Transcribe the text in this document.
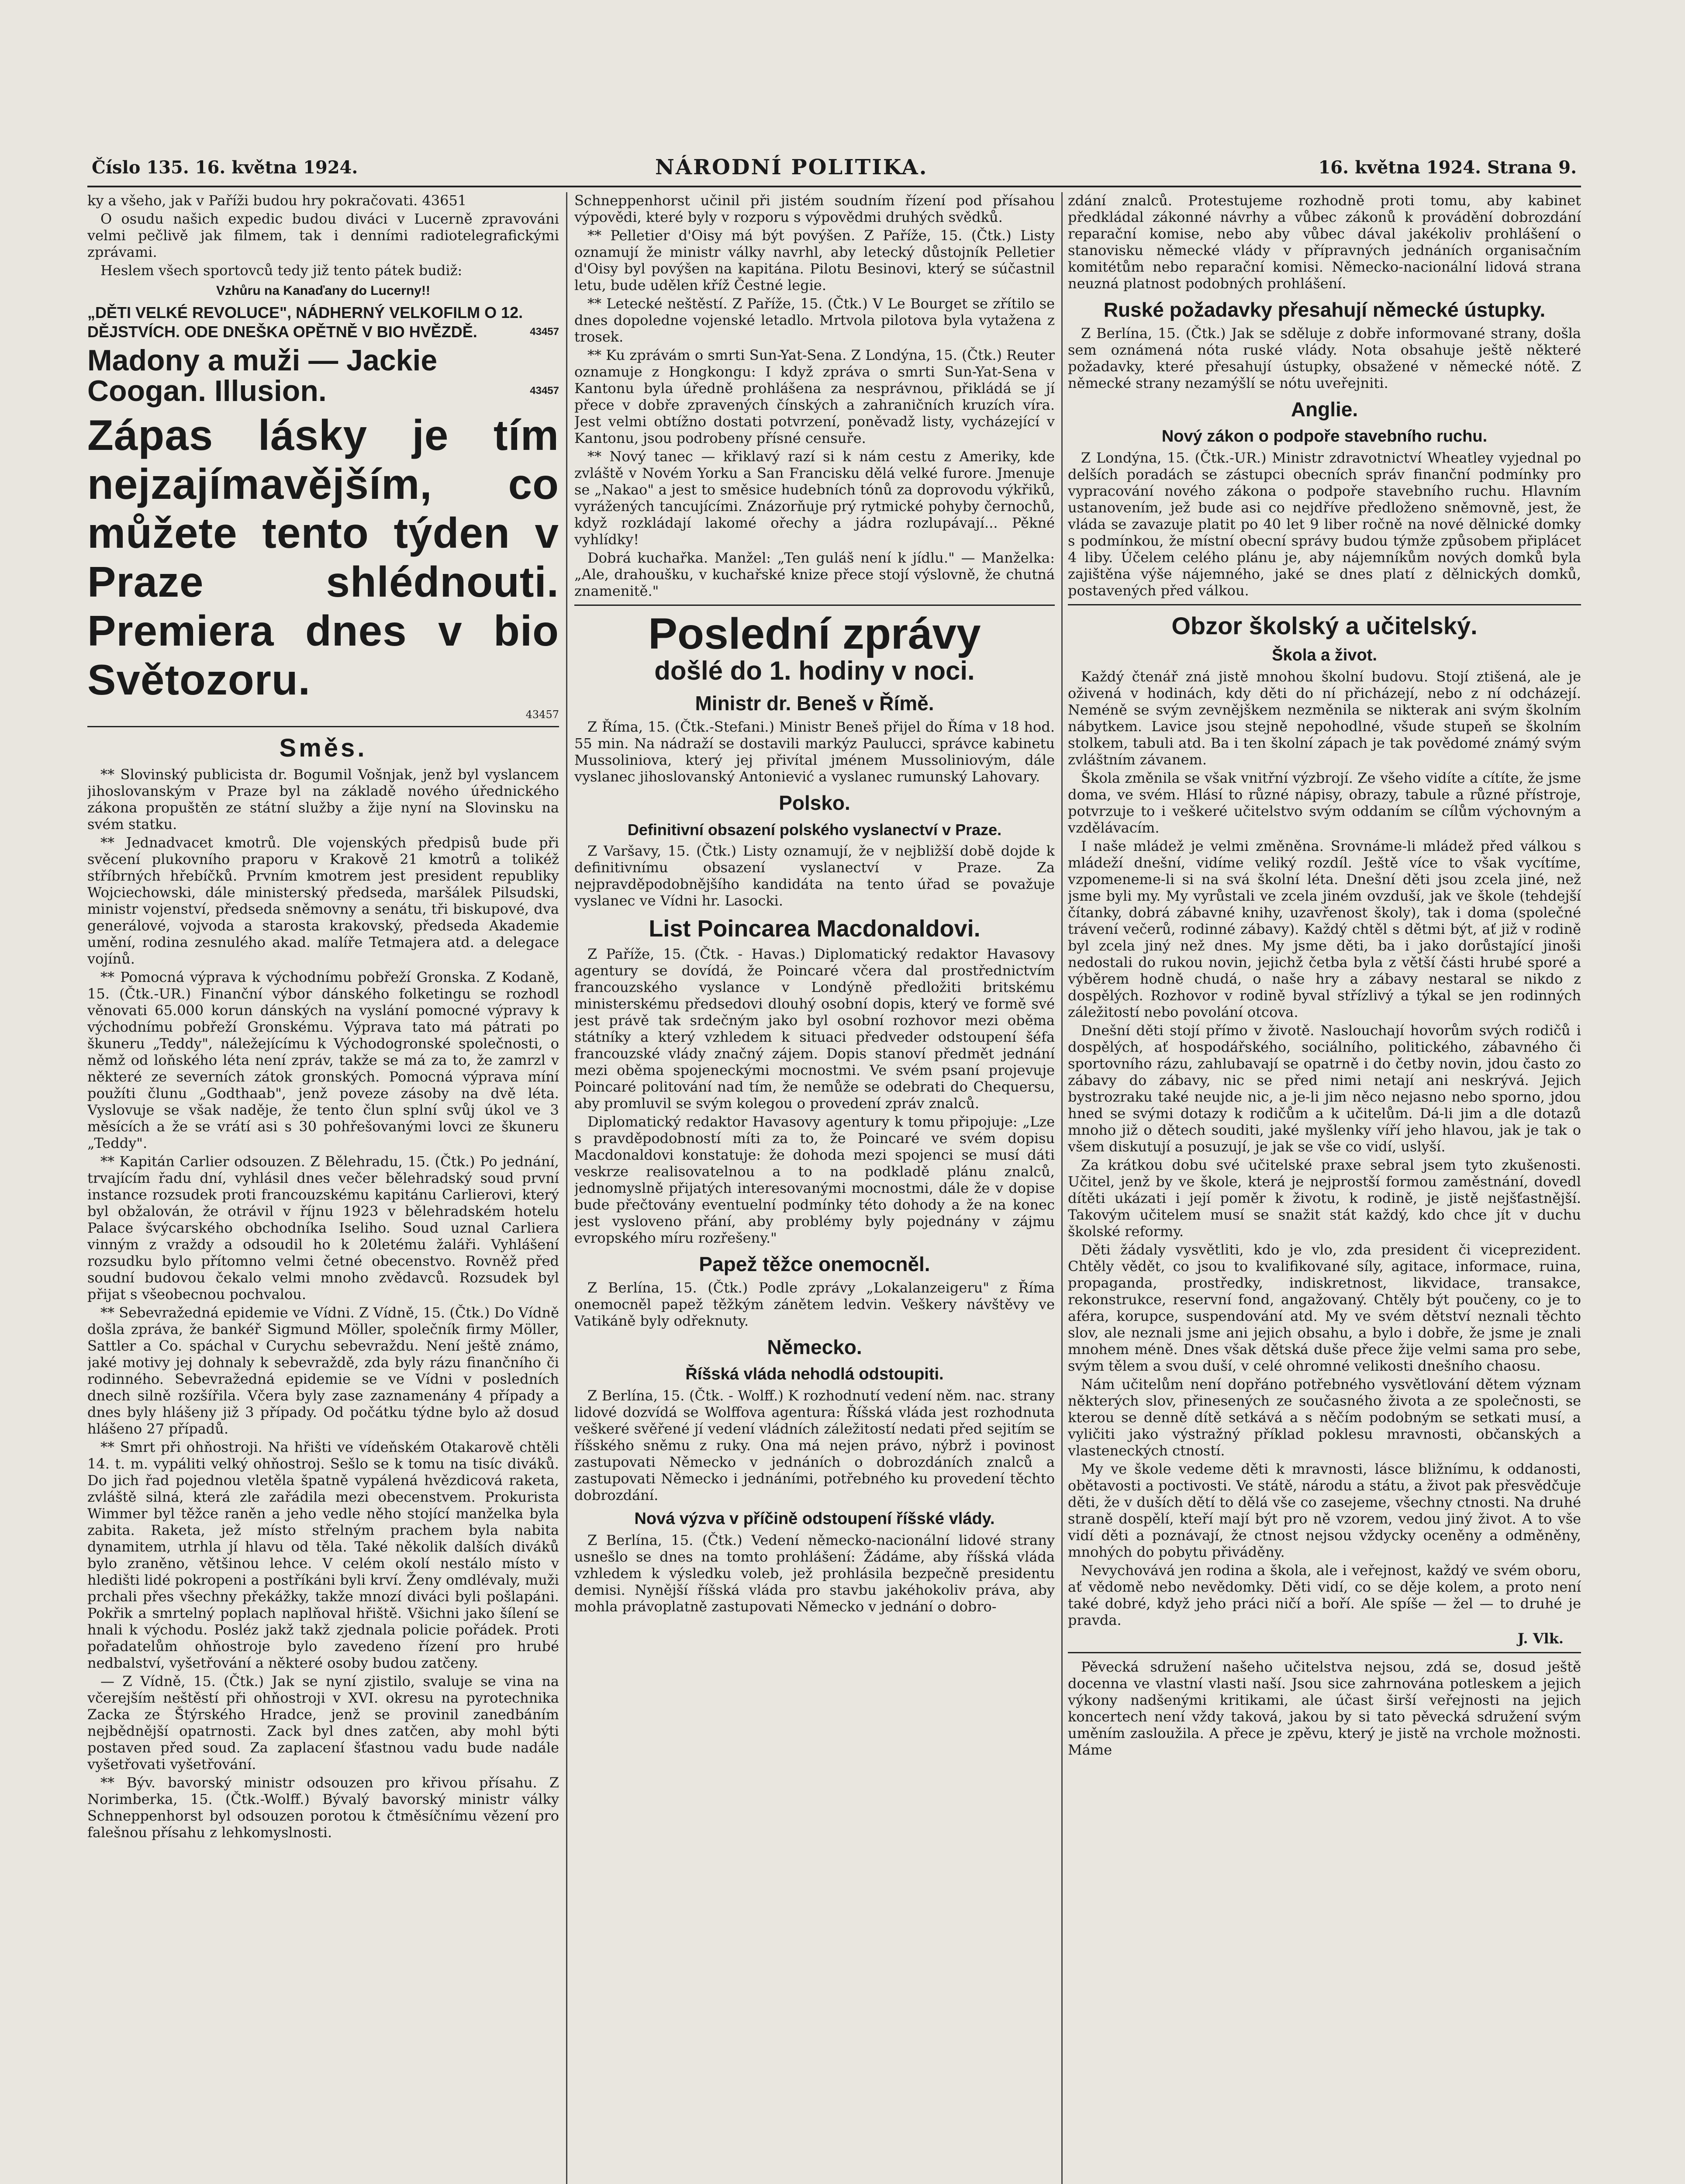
Číslo 135. 16. května 1924.	NÁRODNÍ POLITIKA.	16. května 1924. Strana 9.

ky a všeho, jak v Paříži budou hry pokračovati. 43651

O osudu našich expedic budou diváci v Lucerně zpravováni velmi pečlivě jak filmem, tak i denními radiotelegrafickými zprávami.

Heslem všech sportovců tedy již tento pátek budiž:

Vzhůru na Kanaďany do Lucerny!!
„DĚTI VELKÉ REVOLUCE", NÁDHERNÝ VELKOFILM O 12. DĚJSTVÍCH. ODE DNEŠKA OPĚTNĚ V BIO HVĚZDĚ.	43457
Madony a muži — Jackie Coogan. Illusion.	43457
Zápas lásky je tím nejzajímavějším, co můžete tento týden v Praze shlédnouti. Premiera dnes v bio Světozoru.
43457
Směs.

** Slovinský publicista dr. Bogumil Vošnjak, jenž byl vyslancem jihoslovanským v Praze byl na základě nového úřednického zákona propuštěn ze státní služby a žije nyní na Slovinsku na svém statku.

** Jednadvacet kmotrů. Dle vojenských předpisů bude při svěcení plukovního praporu v Krakově 21 kmotrů a tolikéž stříbrných hřebíčků. Prvním kmotrem jest president republiky Wojciechowski, dále ministerský předseda, maršálek Pilsudski, ministr vojenství, předseda sněmovny a senátu, tři biskupové, dva generálové, vojvoda a starosta krakovský, předseda Akademie umění, rodina zesnulého akad. malíře Tetmajera atd. a delegace vojínů.

** Pomocná výprava k východnímu pobřeží Gronska. Z Kodaně, 15. (Čtk.-UR.) Finanční výbor dánského folketingu se rozhodl věnovati 65.000 korun dánských na vyslání pomocné výpravy k východnímu pobřeží Gronskému. Výprava tato má pátrati po škuneru „Teddy", náležejícímu k Východogronské společnosti, o němž od loňského léta není zpráv, takže se má za to, že zamrzl v některé ze severních zátok gronských. Pomocná výprava míní použíti člunu „Godthaab", jenž poveze zásoby na dvě léta. Vyslovuje se však naděje, že tento člun splní svůj úkol ve 3 měsících a že se vrátí asi s 30 pohřešovanými lovci ze škuneru „Teddy".

** Kapitán Carlier odsouzen. Z Bělehradu, 15. (Čtk.) Po jednání, trvajícím řadu dní, vyhlásil dnes večer bělehradský soud první instance rozsudek proti francouzskému kapitánu Carlierovi, který byl obžalován, že otrávil v říjnu 1923 v bělehradském hotelu Palace švýcarského obchodníka Iseliho. Soud uznal Carliera vinným z vraždy a odsoudil ho k 20letému žaláři. Vyhlášení rozsudku bylo přítomno velmi četné obecenstvo. Rovněž před soudní budovou čekalo velmi mnoho zvědavců. Rozsudek byl přijat s všeobecnou pochvalou.

** Sebevražedná epidemie ve Vídni. Z Vídně, 15. (Čtk.) Do Vídně došla zpráva, že bankéř Sigmund Möller, společník firmy Möller, Sattler a Co. spáchal v Curychu sebevraždu. Není ještě známo, jaké motivy jej dohnaly k sebevraždě, zda byly rázu finančního či rodinného. Sebevražedná epidemie se ve Vídni v posledních dnech silně rozšířila. Včera byly zase zaznamenány 4 případy a dnes byly hlášeny již 3 případy. Od počátku týdne bylo až dosud hlášeno 27 případů.

** Smrt při ohňostroji. Na hřišti ve vídeňském Otakarově chtěli 14. t. m. vypáliti velký ohňostroj. Sešlo se k tomu na tisíc diváků. Do jich řad pojednou vletěla špatně vypálená hvězdicová raketa, zvláště silná, která zle zařádila mezi obecenstvem. Prokurista Wimmer byl těžce raněn a jeho vedle něho stojící manželka byla zabita. Raketa, jež místo střelným prachem byla nabita dynamitem, utrhla jí hlavu od těla. Také několik dalších diváků bylo zraněno, většinou lehce. V celém okolí nestálo místo v hledišti lidé pokropeni a postříkáni byli krví. Ženy omdlévaly, muži prchali přes všechny překážky, takže mnozí diváci byli pošlapáni. Pokřik a smrtelný poplach naplňoval hřiště. Všichni jako šílení se hnali k východu. Posléz jakž takž zjednala policie pořádek. Proti pořadatelům ohňostroje bylo zavedeno řízení pro hrubé nedbalství, vyšetřování a některé osoby budou zatčeny.

— Z Vídně, 15. (Čtk.) Jak se nyní zjistilo, svaluje se vina na včerejším neštěstí při ohňostroji v XVI. okresu na pyrotechnika Zacka ze Štýrského Hradce, jenž se provinil zanedbáním nejbědnější opatrnosti. Zack byl dnes zatčen, aby mohl býti postaven před soud. Za zaplacení šťastnou vadu bude nadále vyšetřovati vyšetřování.

** Býv. bavorský ministr odsouzen pro křivou přísahu. Z Norimberka, 15. (Čtk.-Wolff.) Bývalý bavorský ministr války Schneppenhorst byl odsouzen porotou k čtměsíčnímu vězení pro falešnou přísahu z lehkomyslnosti.

Schneppenhorst učinil při jistém soudním řízení pod přísahou výpovědi, které byly v rozporu s výpovědmi druhých svědků.

** Pelletier d'Oisy má být povýšen. Z Paříže, 15. (Čtk.) Listy oznamují že ministr války navrhl, aby letecký důstojník Pelletier d'Oisy byl povýšen na kapitána. Pilotu Besinovi, který se súčastnil letu, bude udělen kříž Čestné legie.

** Letecké neštěstí. Z Paříže, 15. (Čtk.) V Le Bourget se zřítilo se dnes dopoledne vojenské letadlo. Mrtvola pilotova byla vytažena z trosek.

** Ku zprávám o smrti Sun-Yat-Sena. Z Londýna, 15. (Čtk.) Reuter oznamuje z Hongkongu: I když zpráva o smrti Sun-Yat-Sena v Kantonu byla úředně prohlášena za nesprávnou, přikládá se jí přece v dobře zpravených čínských a zahraničních kruzích víra. Jest velmi obtížno dostati potvrzení, poněvadž listy, vycházející v Kantonu, jsou podrobeny přísné censuře.

** Nový tanec — křiklavý razí si k nám cestu z Ameriky, kde zvláště v Novém Yorku a San Francisku dělá velké furore. Jmenuje se „Nakao" a jest to směsice hudebních tónů za doprovodu výkřiků, vyrážených tancujícími. Znázorňuje prý rytmické pohyby černochů, když rozkládají lakomé ořechy a jádra rozlupávají... Pěkné vyhlídky!

Dobrá kuchařka. Manžel: „Ten guláš není k jídlu." — Manželka: „Ale, drahoušku, v kuchařské knize přece stojí výslovně, že chutná znamenitě."

Poslední zprávy
došlé do 1. hodiny v noci.
Ministr dr. Beneš v Římě.

Z Říma, 15. (Čtk.-Stefani.) Ministr Beneš přijel do Říma v 18 hod. 55 min. Na nádraží se dostavili markýz Paulucci, správce kabinetu Mussoliniova, který jej přivítal jménem Mussoliniovým, dále vyslanec jihoslovanský Antoniević a vyslanec rumunský Lahovary.

Polsko.
Definitivní obsazení polského vyslanectví v Praze.

Z Varšavy, 15. (Čtk.) Listy oznamují, že v nejbližší době dojde k definitivnímu obsazení vyslanectví v Praze. Za nejpravděpodobnějšího kandidáta na tento úřad se považuje vyslanec ve Vídni hr. Lasocki.

List Poincarea Macdonaldovi.

Z Paříže, 15. (Čtk. - Havas.) Diplomatický redaktor Havasovy agentury se dovídá, že Poincaré včera dal prostřednictvím francouzského vyslance v Londýně předložiti britskému ministerskému předsedovi dlouhý osobní dopis, který ve formě své jest právě tak srdečným jako byl osobní rozhovor mezi oběma státníky a který vzhledem k situaci předveder odstoupení šéfa francouzské vlády značný zájem. Dopis stanoví předmět jednání mezi oběma spojeneckými mocnostmi. Ve svém psaní projevuje Poincaré politování nad tím, že nemůže se odebrati do Chequersu, aby promluvil se svým kolegou o provedení zpráv znalců.

Diplomatický redaktor Havasovy agentury k tomu připojuje: „Lze s pravděpodobností míti za to, že Poincaré ve svém dopisu Macdonaldovi konstatuje: že dohoda mezi spojenci se musí dáti veskrze realisovatelnou a to na podkladě plánu znalců, jednomyslně přijatých interesovanými mocnostmi, dále že v dopise bude přečtovány eventuelní podmínky této dohody a že na konec jest vysloveno přání, aby problémy byly pojednány v zájmu evropského míru rozřešeny."

Papež těžce onemocněl.

Z Berlína, 15. (Čtk.) Podle zprávy „Lokalanzeigeru" z Říma onemocněl papež těžkým zánětem ledvin. Veškery návštěvy ve Vatikáně byly odřeknuty.

Německo.
Říšská vláda nehodlá odstoupiti.

Z Berlína, 15. (Čtk. - Wolff.) K rozhodnutí vedení něm. nac. strany lidové dozvídá se Wolffova agentura: Říšská vláda jest rozhodnuta veškeré svěřené jí vedení vládních záležitostí nedati před sejitím se říšského sněmu z ruky. Ona má nejen právo, nýbrž i povinost zastupovati Německo v jednáních o dobrozdáních znalců a zastupovati Německo i jednáními, potřebného ku provedení těchto dobrozdání.

Nová výzva v příčině odstoupení říšské vlády.

Z Berlína, 15. (Čtk.) Vedení německo-nacionální lidové strany usnešlo se dnes na tomto prohlášení: Žádáme, aby říšská vláda vzhledem k výsledku voleb, jež prohlásila bezpečně presidentu demisi. Nynější říšská vláda pro stavbu jakéhokoliv práva, aby mohla právoplatně zastupovati Německo v jednání o dobro-

zdání znalců. Protestujeme rozhodně proti tomu, aby kabinet předkládal zákonné návrhy a vůbec zákonů k provádění dobrozdání reparační komise, nebo aby vůbec dával jakékoliv prohlášení o stanovisku německé vlády v přípravných jednáních organisačním komitétům nebo reparační komisi. Německo-nacionální lidová strana neuzná platnost podobných prohlášení.

Ruské požadavky přesahují německé ústupky.

Z Berlína, 15. (Čtk.) Jak se sděluje z dobře informované strany, došla sem oznámená nóta ruské vlády. Nota obsahuje ještě některé požadavky, které přesahují ústupky, obsažené v německé nótě. Z německé strany nezamýšlí se nótu uveřejniti.

Anglie.
Nový zákon o podpoře stavebního ruchu.

Z Londýna, 15. (Čtk.-UR.) Ministr zdravotnictví Wheatley vyjednal po delších poradách se zástupci obecních správ finanční podmínky pro vypracování nového zákona o podpoře stavebního ruchu. Hlavním ustanovením, jež bude asi co nejdříve předloženo sněmovně, jest, že vláda se zavazuje platit po 40 let 9 liber ročně na nové dělnické domky s podmínkou, že místní obecní správy budou týmže způsobem připlácet 4 liby. Účelem celého plánu je, aby nájemníkům nových domků byla zajištěna výše nájemného, jaké se dnes platí z dělnických domků, postavených před válkou.

Obzor školský a učitelský.
Škola a život.

Každý čtenář zná jistě mnohou školní budovu. Stojí ztišená, ale je oživená v hodinách, kdy děti do ní přicházejí, nebo z ní odcházejí. Neméně se svým zevnějškem nezměnila se nikterak ani svým školním nábytkem. Lavice jsou stejně nepohodlné, všude stupeň se školním stolkem, tabuli atd. Ba i ten školní zápach je tak povědomé známý svým zvláštním závanem.

Škola změnila se však vnitřní výzbrojí. Ze všeho vidíte a cítíte, že jsme doma, ve svém. Hlásí to různé nápisy, obrazy, tabule a různé přístroje, potvrzuje to i veškeré učitelstvo svým oddaním se cílům výchovným a vzdělávacím.

I naše mládež je velmi změněna. Srovnáme-li mládež před válkou s mládeží dnešní, vidíme veliký rozdíl. Ještě více to však vycítíme, vzpomeneme-li si na svá školní léta. Dnešní děti jsou zcela jiné, než jsme byli my. My vyrůstali ve zcela jiném ovzduší, jak ve škole (tehdejší čítanky, dobrá zábavné knihy, uzavřenost školy), tak i doma (společné trávení večerů, rodinné zábavy). Každý chtěl s dětmi být, ať již v rodině byl zcela jiný než dnes. My jsme děti, ba i jako dorůstající jinoši nedostali do rukou novin, jejichž četba byla z větší části hrubé sporé a výběrem hodně chudá, o naše hry a zábavy nestaral se nikdo z dospělých. Rozhovor v rodině byval střízlivý a týkal se jen rodinných záležitostí nebo povolání otcova.

Dnešní děti stojí přímo v životě. Naslouchají hovorům svých rodičů i dospělých, ať hospodářského, sociálního, politického, zábavného či sportovního rázu, zahlubavají se opatrně i do četby novin, jdou často zo zábavy do zábavy, nic se před nimi netají ani neskrývá. Jejich bystrozraku také neujde nic, a je-li jim něco nejasno nebo sporno, jdou hned se svými dotazy k rodičům a k učitelům. Dá-li jim a dle dotazů mnoho již o dětech souditi, jaké myšlenky víří jeho hlavou, jak je tak o všem diskutují a posuzují, je jak se vše co vidí, uslyší.

Za krátkou dobu své učitelské praxe sebral jsem tyto zkušenosti. Učitel, jenž by ve škole, která je nejprostší formou zaměstnání, dovedl dítěti ukázati i její poměr k životu, k rodině, je jistě nejšťastnější. Takovým učitelem musí se snažit stát každý, kdo chce jít v duchu školské reformy.

Děti žádaly vysvětliti, kdo je vlo, zda president či viceprezident. Chtěly vědět, co jsou to kvalifikované síly, agitace, informace, ruina, propaganda, prostředky, indiskretnost, likvidace, transakce, rekonstrukce, reservní fond, angažovaný. Chtěly být poučeny, co je to aféra, korupce, suspendování atd. My ve svém dětství neznali těchto slov, ale neznali jsme ani jejich obsahu, a bylo i dobře, že jsme je znali mnohem méně. Dnes však dětská duše přece žije velmi sama pro sebe, svým tělem a svou duší, v celé ohromné velikosti dnešního chaosu.

Nám učitelům není dopřáno potřebného vysvětlování dětem význam některých slov, přinesených ze současného života a ze společnosti, se kterou se denně dítě setkává a s něčím podobným se setkati musí, a vyličiti jako výstražný příklad poklesu mravnosti, občanských a vlasteneckých ctností.

My ve škole vedeme děti k mravnosti, lásce bližnímu, k oddanosti, obětavosti a poctivosti. Ve státě, národu a státu, a život pak přesvědčuje děti, že v duších dětí to dělá vše co zasejeme, všechny ctnosti. Na druhé straně dospělí, kteří mají být pro ně vzorem, vedou jiný život. A to vše vidí děti a poznávají, že ctnost nejsou vždycky oceněny a odměněny, mnohých do pobytu přiváděny.

Nevychovává jen rodina a škola, ale i veřejnost, každý ve svém oboru, ať vědomě nebo nevědomky. Děti vidí, co se děje kolem, a proto není také dobré, když jeho práci ničí a boří. Ale spíše — žel — to druhé je pravda.

J. Vlk.

Pěvecká sdružení našeho učitelstva nejsou, zdá se, dosud ještě docenna ve vlastní vlasti naší. Jsou sice zahrnována potleskem a jejich výkony nadšenými kritikami, ale účast širší veřejnosti na jejich koncertech není vždy taková, jakou by si tato pěvecká sdružení svým uměním zasloužila. A přece je zpěvu, který je jistě na vrchole možnosti. Máme
